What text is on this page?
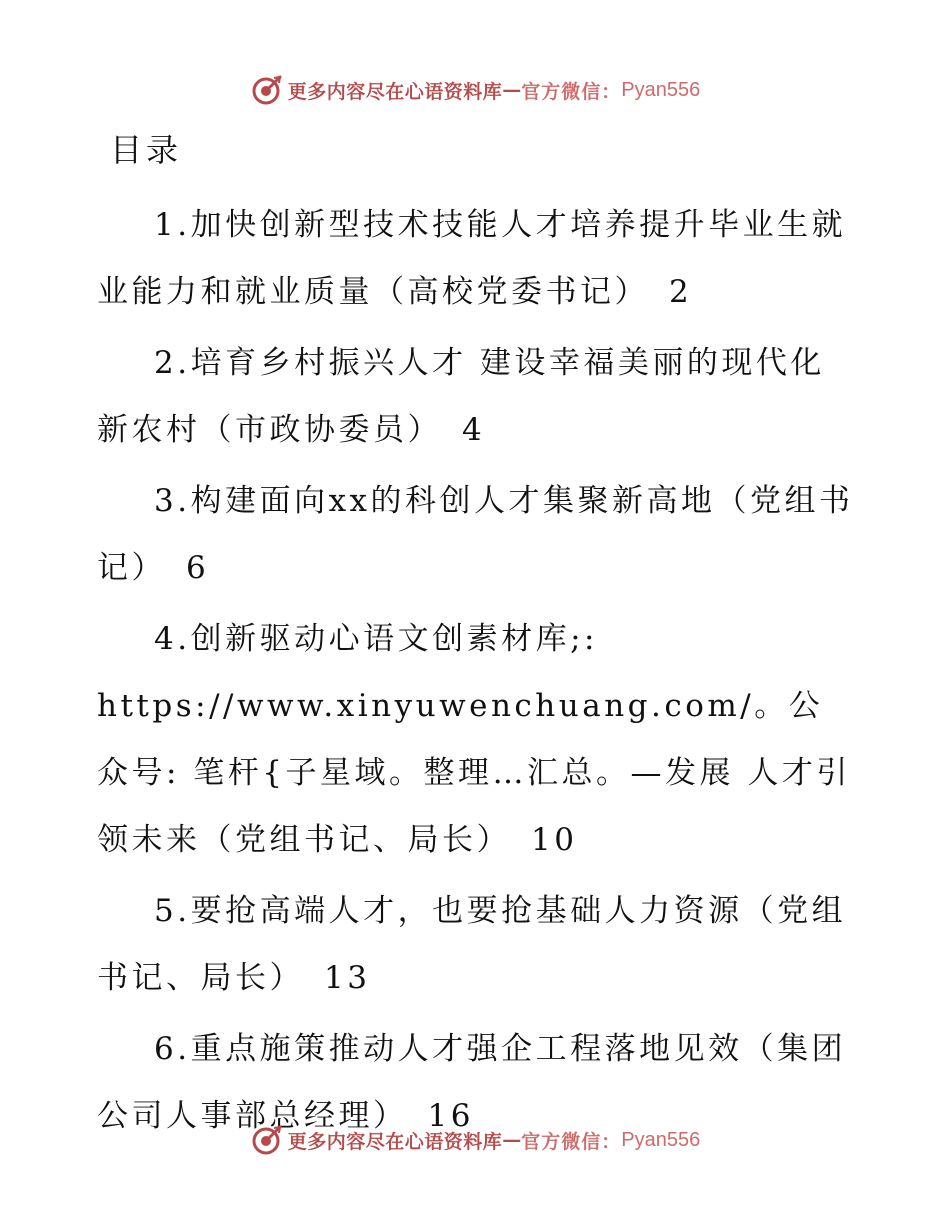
更多内容尽在心语资料库 — 官方微信： Pyan556
目录
1.加快创新型技术技能人才培养提升毕业生就业能力和就业质量（高校党委书记） 2
2.培育乡村振兴人才 建设幸福美丽的现代化新农村（市政协委员） 4
3.构建面向xx的科创人才集聚新高地（党组书记） 6
4.创新驱动心语文创素材库;: https://www.xinyuwenchuang.com/。公众号: 笔杆{子星域。整理…汇总。—发展 人才引领未来（党组书记、局长） 10
5.要抢高端人才，也要抢基础人力资源（党组书记、局长） 13
6.重点施策推动人才强企工程落地见效（集团公司人事部总经理） 16
更多内容尽在心语资料库 — 官方微信： Pyan556
